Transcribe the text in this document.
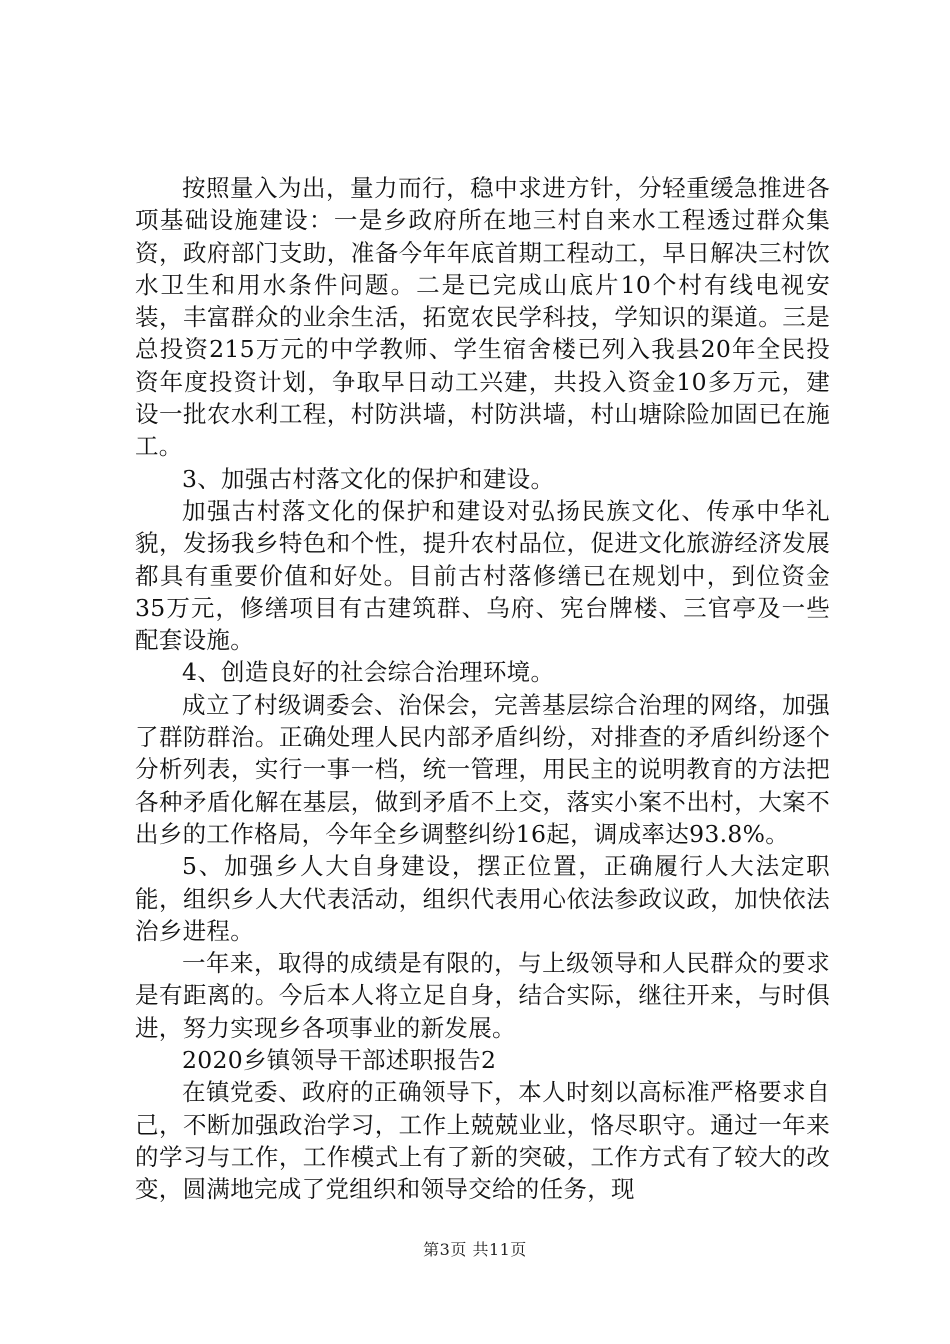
按照量入为出，量力而行，稳中求进方针，分轻重缓急推进各项基础设施建设：一是乡政府所在地三村自来水工程透过群众集资，政府部门支助，准备今年年底首期工程动工，早日解决三村饮水卫生和用水条件问题。二是已完成山底片10个村有线电视安装，丰富群众的业余生活，拓宽农民学科技，学知识的渠道。三是总投资215万元的中学教师、学生宿舍楼已列入我县20年全民投资年度投资计划，争取早日动工兴建，共投入资金10多万元，建设一批农水利工程，村防洪墙，村防洪墙，村山塘除险加固已在施工。

3、加强古村落文化的保护和建设。

加强古村落文化的保护和建设对弘扬民族文化、传承中华礼貌，发扬我乡特色和个性，提升农村品位，促进文化旅游经济发展都具有重要价值和好处。目前古村落修缮已在规划中，到位资金35万元，修缮项目有古建筑群、乌府、宪台牌楼、三官亭及一些配套设施。

4、创造良好的社会综合治理环境。

成立了村级调委会、治保会，完善基层综合治理的网络，加强了群防群治。正确处理人民内部矛盾纠纷，对排查的矛盾纠纷逐个分析列表，实行一事一档，统一管理，用民主的说明教育的方法把各种矛盾化解在基层，做到矛盾不上交，落实小案不出村，大案不出乡的工作格局，今年全乡调整纠纷16起，调成率达93.8%。

5、加强乡人大自身建设，摆正位置，正确履行人大法定职能，组织乡人大代表活动，组织代表用心依法参政议政，加快依法治乡进程。

一年来，取得的成绩是有限的，与上级领导和人民群众的要求是有距离的。今后本人将立足自身，结合实际，继往开来，与时俱进，努力实现乡各项事业的新发展。

2020乡镇领导干部述职报告2

在镇党委、政府的正确领导下，本人时刻以高标准严格要求自己，不断加强政治学习，工作上兢兢业业，恪尽职守。通过一年来的学习与工作，工作模式上有了新的突破，工作方式有了较大的改变，圆满地完成了党组织和领导交给的任务，现

第3页 共11页
